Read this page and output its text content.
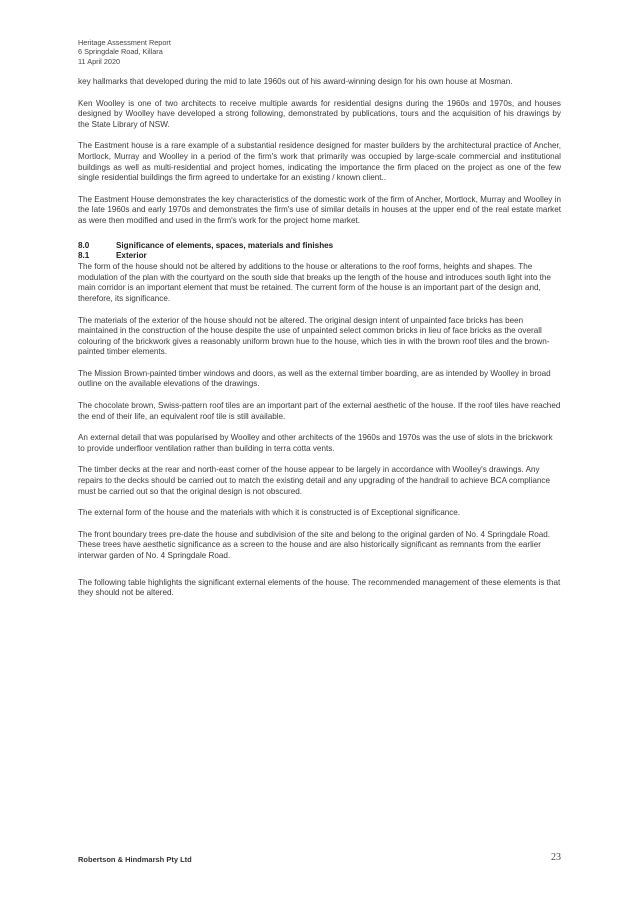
Heritage Assessment Report
6 Springdale Road, Killara
11 April 2020

key hallmarks that developed during the mid to late 1960s out of his award-winning design for his own house at Mosman.

Ken Woolley is one of two architects to receive multiple awards for residential designs during the 1960s and 1970s, and houses designed by Woolley have developed a strong following, demonstrated by publications, tours and the acquisition of his drawings by the State Library of NSW.

The Eastment house is a rare example of a substantial residence designed for master builders by the architectural practice of Ancher, Mortlock, Murray and Woolley in a period of the firm's work that primarily was occupied by large-scale commercial and institutional buildings as well as multi-residential and project homes, indicating the importance the firm placed on the project as one of the few single residential buildings the firm agreed to undertake for an existing / known client..

The Eastment House demonstrates the key characteristics of the domestic work of the firm of Ancher, Mortlock, Murray and Woolley in the late 1960s and early 1970s and demonstrates the firm's use of similar details in houses at the upper end of the real estate market as were then modified and used in the firm's work for the project home market.

8.0	Significance of elements, spaces, materials and finishes
8.1	Exterior

The form of the house should not be altered by additions to the house or alterations to the roof forms, heights and shapes. The modulation of the plan with the courtyard on the south side that breaks up the length of the house and introduces south light into the main corridor is an important element that must be retained. The current form of the house is an important part of the design and, therefore, its significance.

The materials of the exterior of the house should not be altered. The original design intent of unpainted face bricks has been maintained in the construction of the house despite the use of unpainted select common bricks in lieu of face bricks as the overall colouring of the brickwork gives a reasonably uniform brown hue to the house, which ties in with the brown roof tiles and the brown-painted timber elements.

The Mission Brown-painted timber windows and doors, as well as the external timber boarding, are as intended by Woolley in broad outline on the available elevations of the drawings.

The chocolate brown, Swiss-pattern roof tiles are an important part of the external aesthetic of the house. If the roof tiles have reached the end of their life, an equivalent roof tile is still available.

An external detail that was popularised by Woolley and other architects of the 1960s and 1970s was the use of slots in the brickwork to provide underfloor ventilation rather than building in terra cotta vents.

The timber decks at the rear and north-east corner of the house appear to be largely in accordance with Woolley's drawings. Any repairs to the decks should be carried out to match the existing detail and any upgrading of the handrail to achieve BCA compliance must be carried out so that the original design is not obscured.

The external form of the house and the materials with which it is constructed is of Exceptional significance.

The front boundary trees pre-date the house and subdivision of the site and belong to the original garden of No. 4 Springdale Road. These trees have aesthetic significance as a screen to the house and are also historically significant as remnants from the earlier interwar garden of No. 4 Springdale Road.

The following table highlights the significant external elements of the house. The recommended management of these elements is that they should not be altered.

Robertson & Hindmarsh Pty Ltd	23
